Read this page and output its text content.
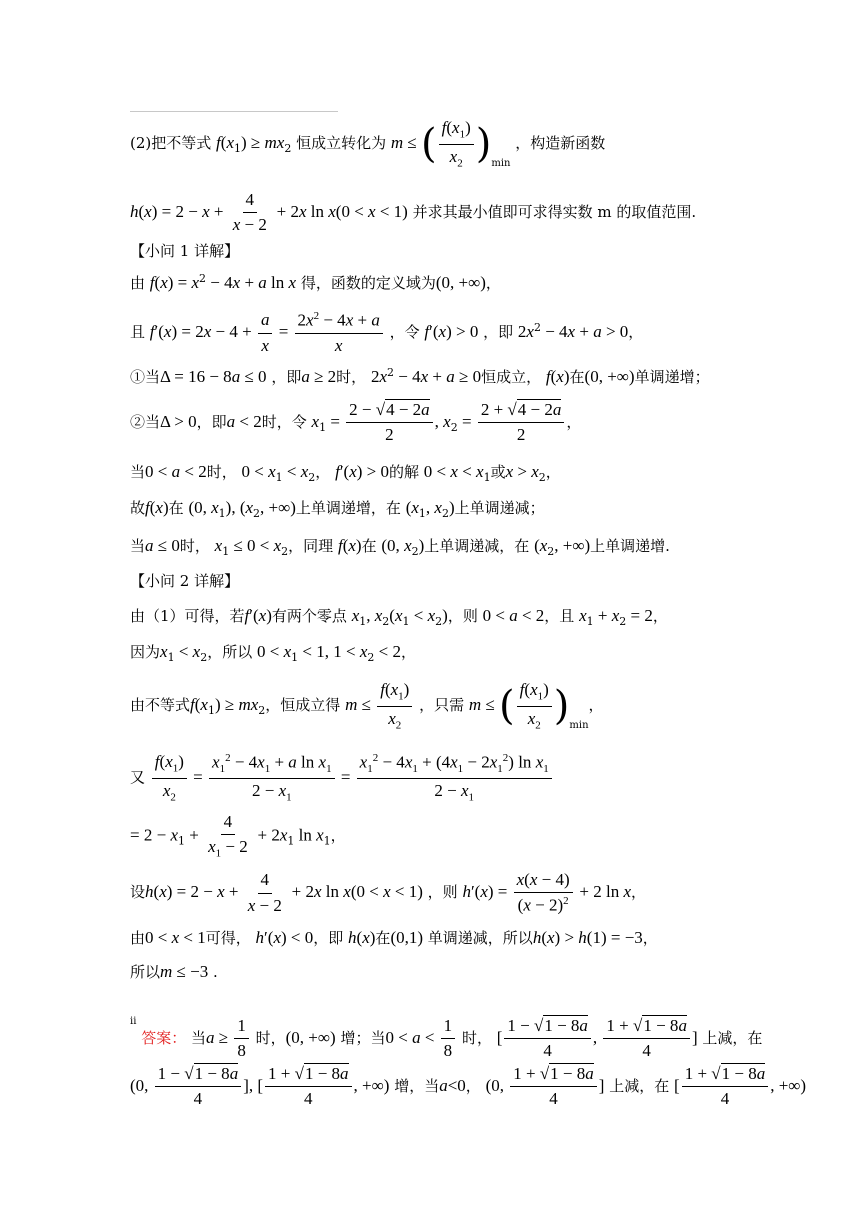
(2)把不等式 $f(x_1) \ge mx_2$ 恒成立转化为 m ≤ ( $\frac{f(x_1)}{x_2} )_{min}$ ，构造新函数
$h(x) = 2 - x + \frac{4}{x - 2} + 2x$ ln x(0 < x < 1) 并求其最小值即可求得实数 m 的取值范围.
【小问 1 详解】
由 $f(x) = x^2 - 4x + a$ ln x 得，函数的定义域为(0, +∞)，
且 $f'(x) = 2x - 4 + \frac{a}{x} = \frac{2x^2 - 4x + a}{x}$ ，令 f′(x) > 0 ，即 $2x^2 - 4x + a > 0$，
①当Δ = 16 − 8a ≤ 0 ，即a ≥ 2时， $2x^2 - 4x + a \ge 0$恒成立， f(x)在(0, +∞)单调递增；
②当Δ > 0，即a < 2时，令 $x_1 = \frac{2 - √4 - 2a}{2}$ , $x_2 = \frac{2 + √4 - 2a}{2}$ ，
当0 < a < 2时， $0 < x_1 < x_2$， f′(x) > 0的解 $0 < x < x_1$或$x > x_2$，
故f(x)在 (0, $x_1$), ($x_2$, +∞)上单调递增，在 ($x_1$, $x_2$)上单调递减；
当a ≤ 0时， $x_1 \le 0 < x_2$，同理 f(x)在 (0, $x_2$)上单调递减，在 ($x_2$, +∞)上单调递增.
【小问 2 详解】
由（1）可得，若f′(x)有两个零点 $x_1$, $x_2(x_1 < x_2)$，则 0 < a < 2，且 $x_1 + x_2 = 2$，
因为$x_1 < x_2$，所以 $0 < x_1 < 1$, $1 < x_2 < 2$，
由不等式$f(x_1) \ge mx_2$，恒成立得 $m \le \frac{f(x_1)}{x_2}$ ，只需 m ≤ ( $\frac{f(x_1)}{x_2} )_{min}$，
又 $\frac{f(x_1)}{x_2} = \frac{x_1^2 - 4x_1 + a \ln x_1}{2 - x_1} = \frac{x_1^2 - 4x_1 + (4x_1 - 2x_1^2) \ln x_1}{2 - x_1}$
= $2 - x_1 + \frac{4}{x_1 - 2} + 2x_1$ $\ln x_1$，
设$h(x) = 2 - x + \frac{4}{x - 2} + 2x$ ln x(0 < x < 1) ，则 $h'(x) = \frac{x(x - 4)}{(x - 2)^2} + 2$ ln x，
由0 < x < 1可得， h′(x) < 0，即 h(x)在(0,1) 单调递减，所以h(x) > h(1) = −3，
所以m ≤ −3 .
$^{ii}$ 答案： 当$a \ge \frac{1}{8}$ 时，(0, +∞) 增；当$0 < a < \frac{1}{8}$ 时， [ $\frac{1 - √1 - 8a}{4}$ , $\frac{1 + √1 - 8a}{4}$ ] 上减，在
(0, $\frac{1 - √1 - 8a}{4}$ ], [ $\frac{1 + √1 - 8a}{4}$ , +∞) 增，当a<0， (0, $\frac{1 + √1 - 8a}{4}$ ] 上减，在 [ $\frac{1 + √1 - 8a}{4}$ , +∞)
